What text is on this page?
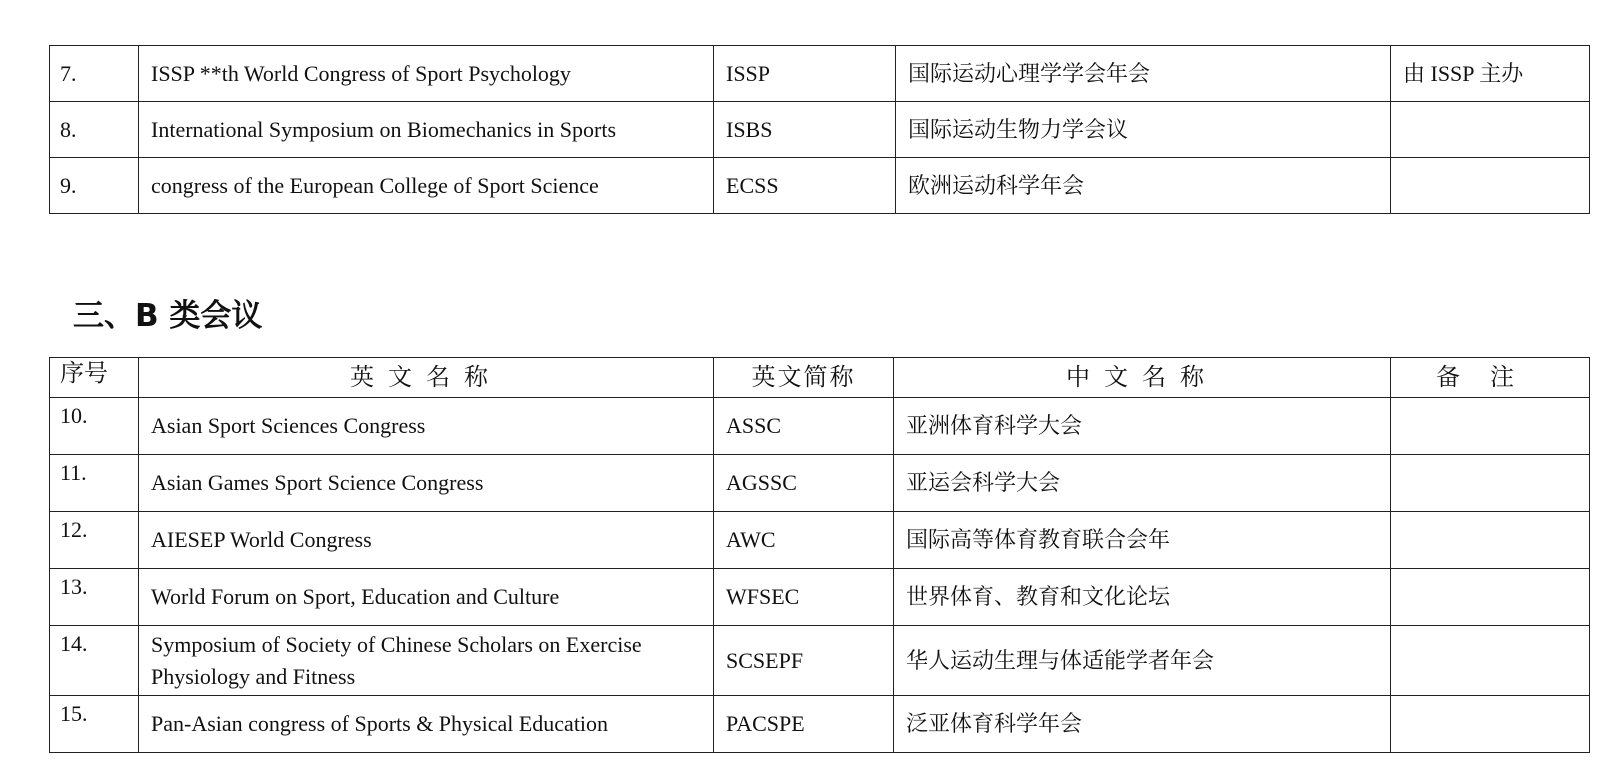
7.	ISSP **th World Congress of Sport Psychology	ISSP	国际运动心理学学会年会	由 ISSP 主办
8.	International Symposium on Biomechanics in Sports	ISBS	国际运动生物力学会议	
9.	congress of the European College of Sport Science	ECSS	欧洲运动科学年会	
三、B 类会议
序号	英文名称	英文简称	中文名称	备注
10.	Asian Sport Sciences Congress	ASSC	亚洲体育科学大会	
11.	Asian Games Sport Science Congress	AGSSC	亚运会科学大会	
12.	AIESEP World Congress	AWC	国际高等体育教育联合会年	
13.	World Forum on Sport, Education and Culture	WFSEC	世界体育、教育和文化论坛	
14.	Symposium of Society of Chinese Scholars on Exercise Physiology and Fitness	SCSEPF	华人运动生理与体适能学者年会	
15.	Pan-Asian congress of Sports & Physical Education	PACSPE	泛亚体育科学年会	
